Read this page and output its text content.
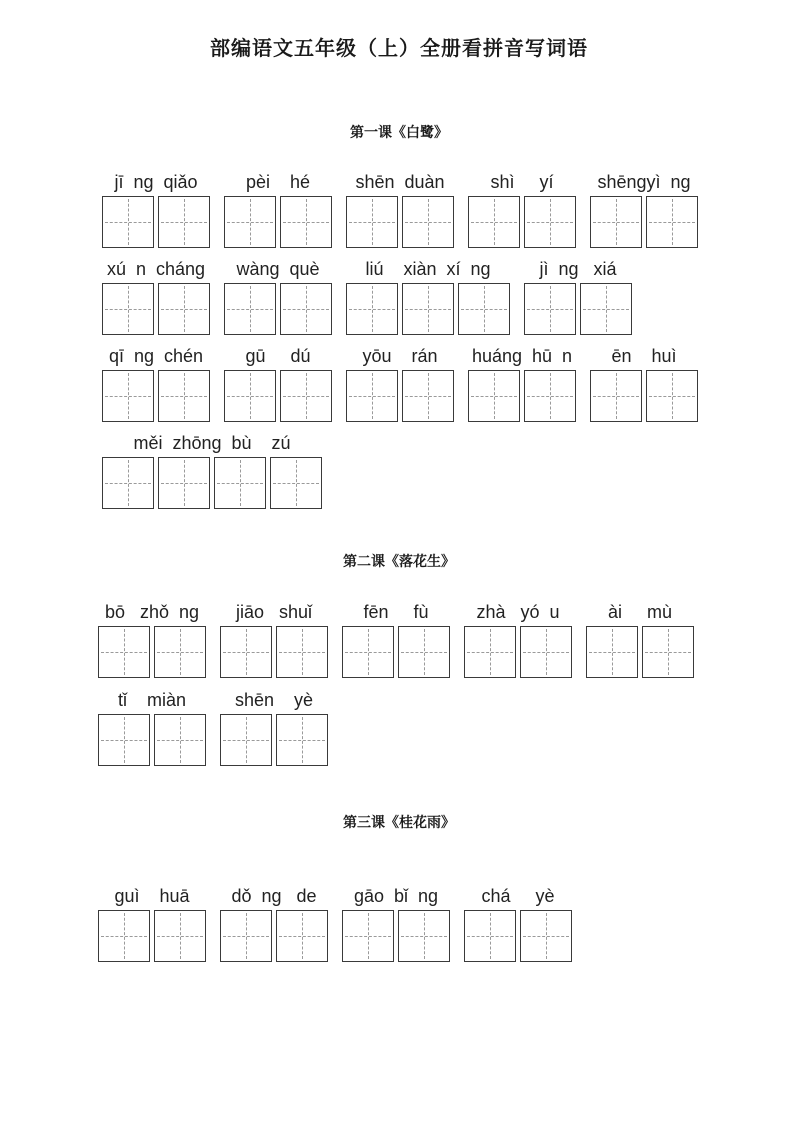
部编语文五年级（上）全册看拼音写词语
第一课《白鹭》
jī  ng  qiǎo	pèi    hé	shēn  duàn	shì     yí	shēngyì  ng
xú  n  cháng	wàng  què	liú    xiàn  xí  ng	jì  ng   xiá
qī  ng  chén	gū     dú	yōu    rán	huáng  hū  n	ēn    huì
měi  zhōng  bù    zú
第二课《落花生》
bō   zhǒ  ng	jiāo   shuǐ	fēn     fù	zhà   yó  u	ài     mù
tǐ    miàn	shēn    yè
第三课《桂花雨》
guì    huā	dǒ  ng   de	gāo  bǐ  ng	chá     yè
